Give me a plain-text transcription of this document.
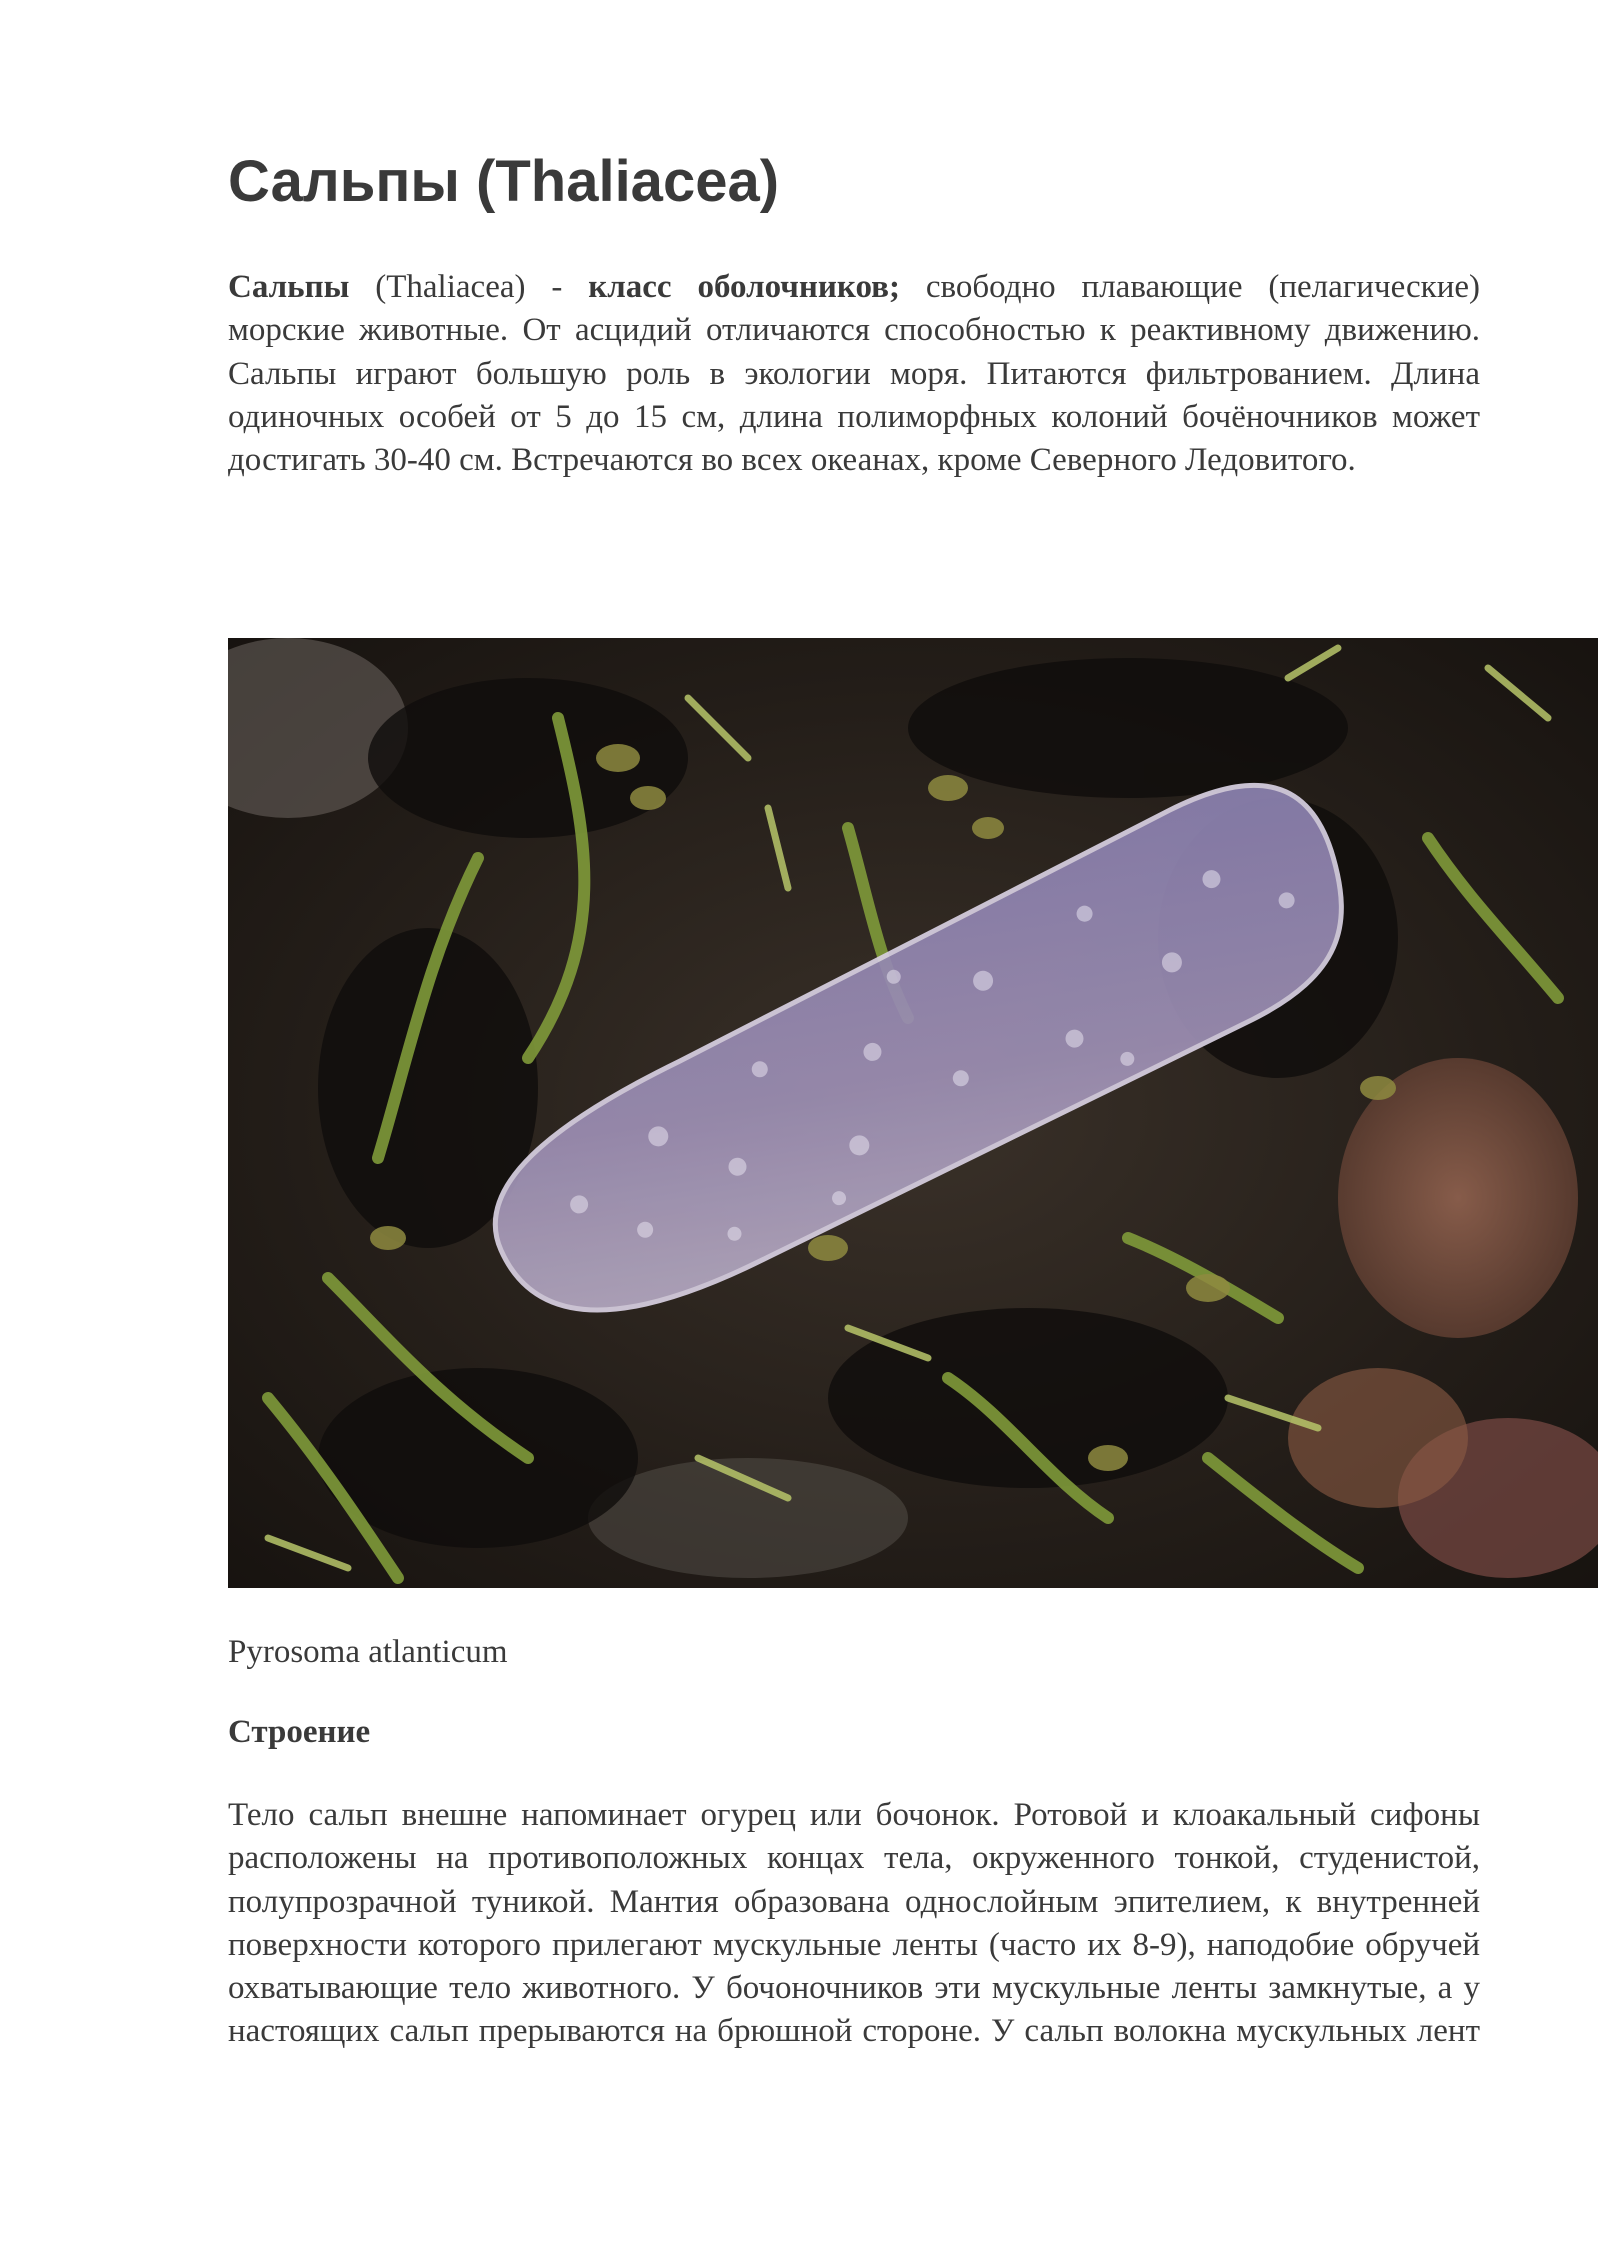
Сальпы (Thaliacea)

Сальпы (Thaliacea) - класс оболочников; свободно плавающие (пелагические) морские животные. От асцидий отличаются способностью к реактивному движению. Сальпы играют большую роль в экологии моря. Питаются фильтрованием. Длина одиночных особей от 5 до 15 см, длина полиморфных колоний бочёночников может достигать 30-40 см. Встречаются во всех океанах, кроме Северного Ледовитого.

Pyrosoma atlanticum
Строение

Тело сальп внешне напоминает огурец или бочонок. Ротовой и клоакальный сифоны расположены на противоположных концах тела, окруженного тонкой, студенистой, полупрозрачной туникой. Мантия образована однослойным эпителием, к внутренней поверхности которого прилегают мускульные ленты (часто их 8-9), наподобие обручей охватывающие тело животного. У бочоночников эти мускульные ленты замкнутые, а у настоящих сальп прерываются на брюшной стороне. У сальп волокна мускульных лент
